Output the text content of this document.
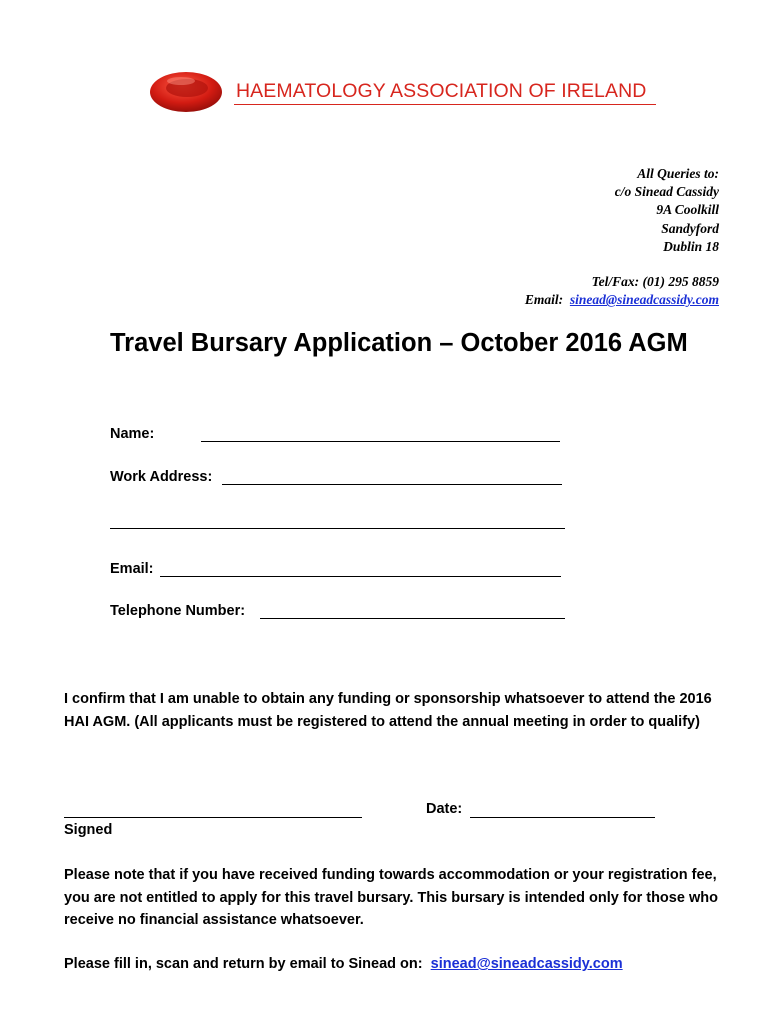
HAEMATOLOGY ASSOCIATION OF IRELAND
All Queries to:
c/o Sinead Cassidy
9A Coolkill
Sandyford
Dublin 18
Tel/Fax: (01) 295 8859
Email: sinead@sineadcassidy.com
Travel Bursary Application – October 2016 AGM
Name:
Work Address:
Email:
Telephone Number:
I confirm that I am unable to obtain any funding or sponsorship whatsoever to attend the 2016 HAI AGM. (All applicants must be registered to attend the annual meeting in order to qualify)
Signed
Date:
Please note that if you have received funding towards accommodation or your registration fee, you are not entitled to apply for this travel bursary. This bursary is intended only for those who receive no financial assistance whatsoever.
Please fill in, scan and return by email to Sinead on: sinead@sineadcassidy.com
